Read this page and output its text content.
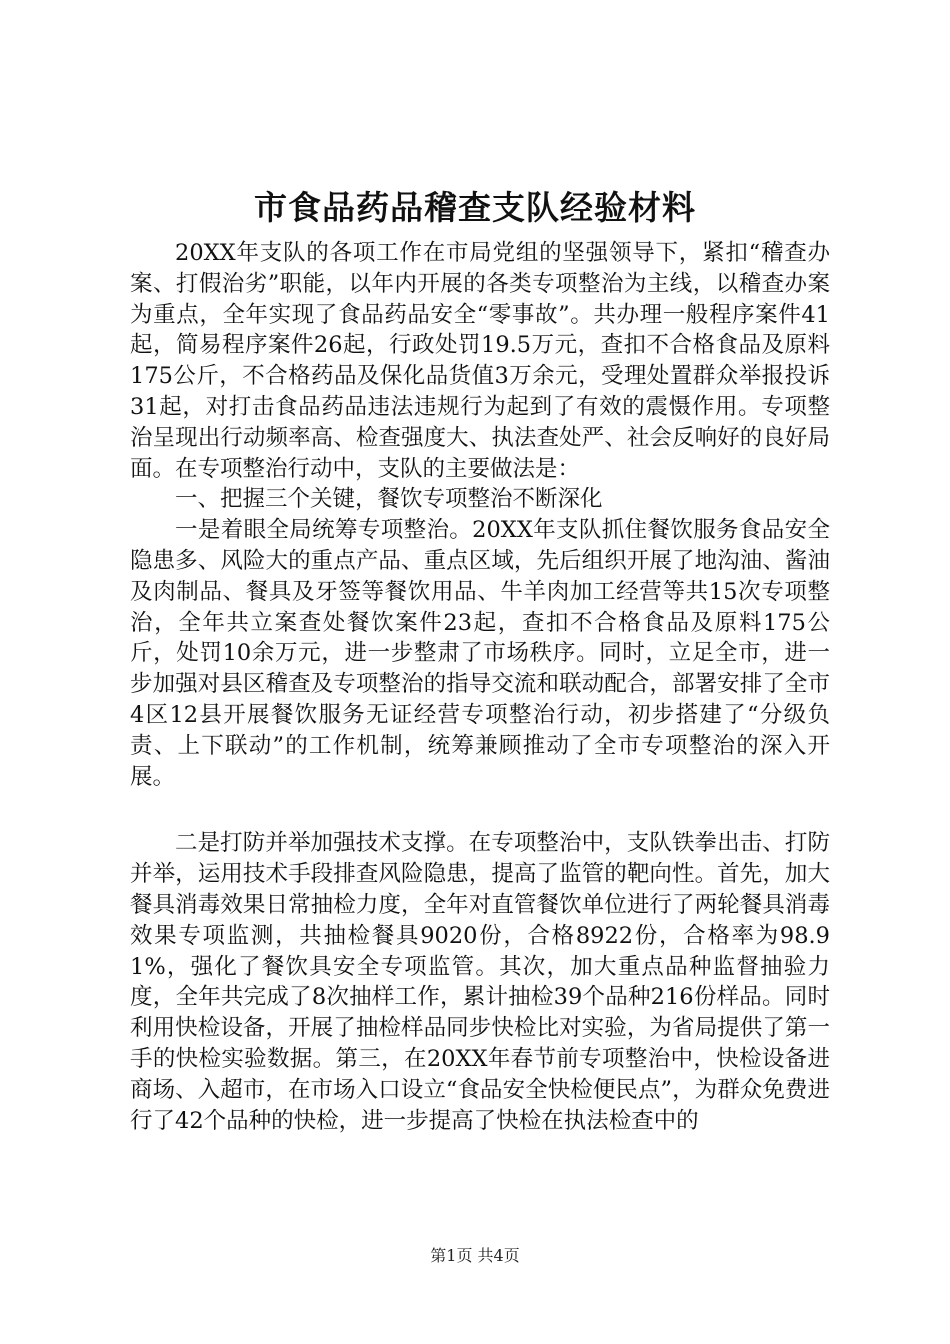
市食品药品稽查支队经验材料

20XX年支队的各项工作在市局党组的坚强领导下，紧扣“稽查办案、打假治劣”职能，以年内开展的各类专项整治为主线，以稽查办案为重点，全年实现了食品药品安全“零事故”。共办理一般程序案件41起，简易程序案件26起，行政处罚19.5万元，查扣不合格食品及原料175公斤，不合格药品及保化品货值3万余元，受理处置群众举报投诉31起，对打击食品药品违法违规行为起到了有效的震慑作用。专项整治呈现出行动频率高、检查强度大、执法查处严、社会反响好的良好局面。在专项整治行动中，支队的主要做法是：

一、把握三个关键，餐饮专项整治不断深化

一是着眼全局统筹专项整治。20XX年支队抓住餐饮服务食品安全隐患多、风险大的重点产品、重点区域，先后组织开展了地沟油、酱油及肉制品、餐具及牙签等餐饮用品、牛羊肉加工经营等共15次专项整治，全年共立案查处餐饮案件23起，查扣不合格食品及原料175公斤，处罚10余万元，进一步整肃了市场秩序。同时，立足全市，进一步加强对县区稽查及专项整治的指导交流和联动配合，部署安排了全市4区12县开展餐饮服务无证经营专项整治行动，初步搭建了“分级负责、上下联动”的工作机制，统筹兼顾推动了全市专项整治的深入开展。

二是打防并举加强技术支撑。在专项整治中，支队铁拳出击、打防并举，运用技术手段排查风险隐患，提高了监管的靶向性。首先，加大餐具消毒效果日常抽检力度，全年对直管餐饮单位进行了两轮餐具消毒效果专项监测，共抽检餐具9020份，合格8922份，合格率为98.91%，强化了餐饮具安全专项监管。其次，加大重点品种监督抽验力度，全年共完成了8次抽样工作，累计抽检39个品种216份样品。同时利用快检设备，开展了抽检样品同步快检比对实验，为省局提供了第一手的快检实验数据。第三，在20XX年春节前专项整治中，快检设备进商场、入超市，在市场入口设立“食品安全快检便民点”，为群众免费进行了42个品种的快检，进一步提高了快检在执法检查中的

第1页 共4页
